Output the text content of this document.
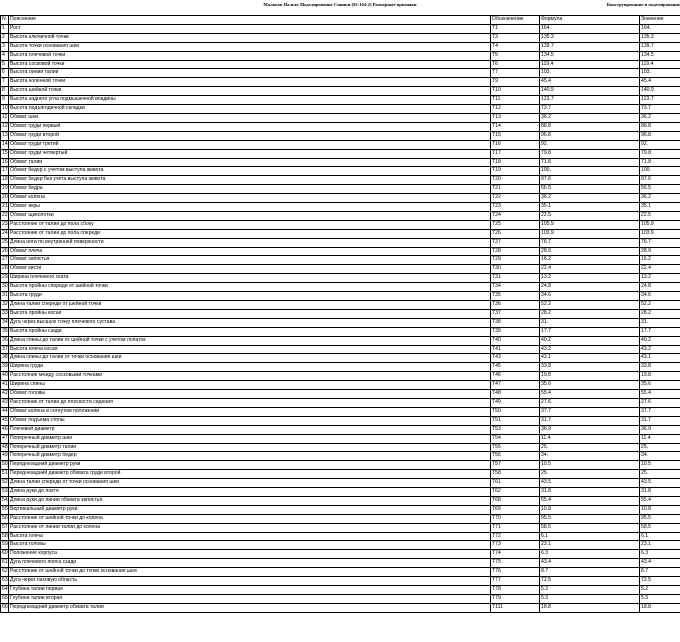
Мальков Пальто Моделирование Спинки (92-164-2) Размерные признаки	Конструирование и моделирование
N	Пояснение	Обозначение	Формула	Значение
1	Рост	T1	164.	164.
2	Высота ключичной точки	T3	135.3	135.3
3	Высота точки основания шеи	T4	139.7	139.7
4	Высота плечевой точки	T5	134.5	134.5
5	Высота сосковой точки	T6	119.4	119.4
6	Высота линии талии	T7	103.	103.
7	Высота коленной точки	T9	45.4	45.4
8	Высота шейной точки	T10	140.9	140.9
9	Высота заднего угла подмышечной впадины	T11	123.7	123.7
10	Высота подъягодичной складки	T12	73.7	73.7
11	Обхват шеи	T13	36.2	36.2
12	Обхват груди первый	T14	88.8	88.8
13	Обхват груди второй	T15	96.8	96.8
14	Обхват груди третий	T16	92.	92.
15	Обхват груди четвертый	T17	79.8	79.8
16	Обхват талии	T18	71.8	71.8
17	Обхват бедер с учетом выступа живота	T19	100.	100.
18	Обхват бедер без учета выступа живота	T20	97.6	97.6
19	Обхват бедра	T21	56.5	56.5
20	Обхват колена	T22	36.2	36.2
21	Обхват икры	T23	35.1	35.1
22	Обхват щиколотки	T24	22.5	22.5
23	Расстояние от талии до пола сбоку	T25	105.9	105.9
24	Расстояние от талии до пола спереди	T26	103.9	103.9
25	Длина ноги по внутренней поверхности	T27	76.7	76.7
26	Обхват плеча	T28	28.9	28.9
27	Обхват запястья	T29	16.2	16.2
28	Обхват кисти	T30	22.4	22.4
29	Ширина плечевого ската	T31	13.2	13.2
30	Высота пройны спереди от шейной точки	T34	24.8	24.8
31	Высота груди	T35	34.6	34.6
32	Длина талии спереди от шейной точки	T36	52.2	52.2
33	Высота пройны косая	T37	28.2	28.2
34	Дуга через высшую точку плечевого сустава	T38	31.	31.
35	Высота пройны сзади	T39	17.7	17.7
36	Длина спины до талии от шейной точки с учетом лопаток	T40	40.2	40.2
37	Высота плеча косая	T41	43.2	43.2
38	Длина спины до талии от точки основания шеи	T43	43.1	43.1
39	Ширина груди	T45	33.8	33.8
40	Расстояние между сосковыми точками	T46	19.8	19.8
41	Ширина спины	T47	35.6	35.6
42	Обхват головы	T48	55.4	55.4
43	Расстояние от талии до плоскости сидения	T49	27.6	27.6
44	Обхват колена в согнутом положении	T50	37.7	37.7
45	Обхват подъема стопы	T51	31.7	31.7
46	Плечевой диаметр	T53	36.9	36.9
47	Поперечный диаметр шеи	T54	11.4	11.4
48	Поперечный диаметр талии	T55	25.	25.
49	Поперечный диаметр бедер	T56	34.	34.
50	Переднезадний диаметр руки	T57	10.5	10.5
51	Переднезадний диаметр обхвата груди второй	T58	25.	25.
52	Длина талии спереди от точки основания шеи	T61	43.5	43.5
53	Длина руки до локтя	T62	31.8	31.8
54	Длина руки до линии обхвата запястья	T68	55.4	55.4
55	Вертикальный диаметр руки	T69	10.8	10.8
56	Расстояние от шейной точки до колена	T70	95.5	95.5
57	Расстояние от линии талии до колена	T71	58.5	58.5
58	Высота плеча	T72	6.1	6.1
59	Высота головы	T73	23.1	23.1
60	Положение корпуса	T74	6.3	6.3
61	Дуга плечевого пояса сзади	T75	43.4	43.4
62	Расстояние от шейной точки до точки основания шеи	T76	8.7	8.7
63	Дуга через паховую область	T77	72.5	72.5
64	Глубина талии первая	T78	5.2	5.2
65	Глубина талии вторая	T79	5.3	5.3
66	Переднезадний диаметр обхвата талии	T111	18.8	18.8
